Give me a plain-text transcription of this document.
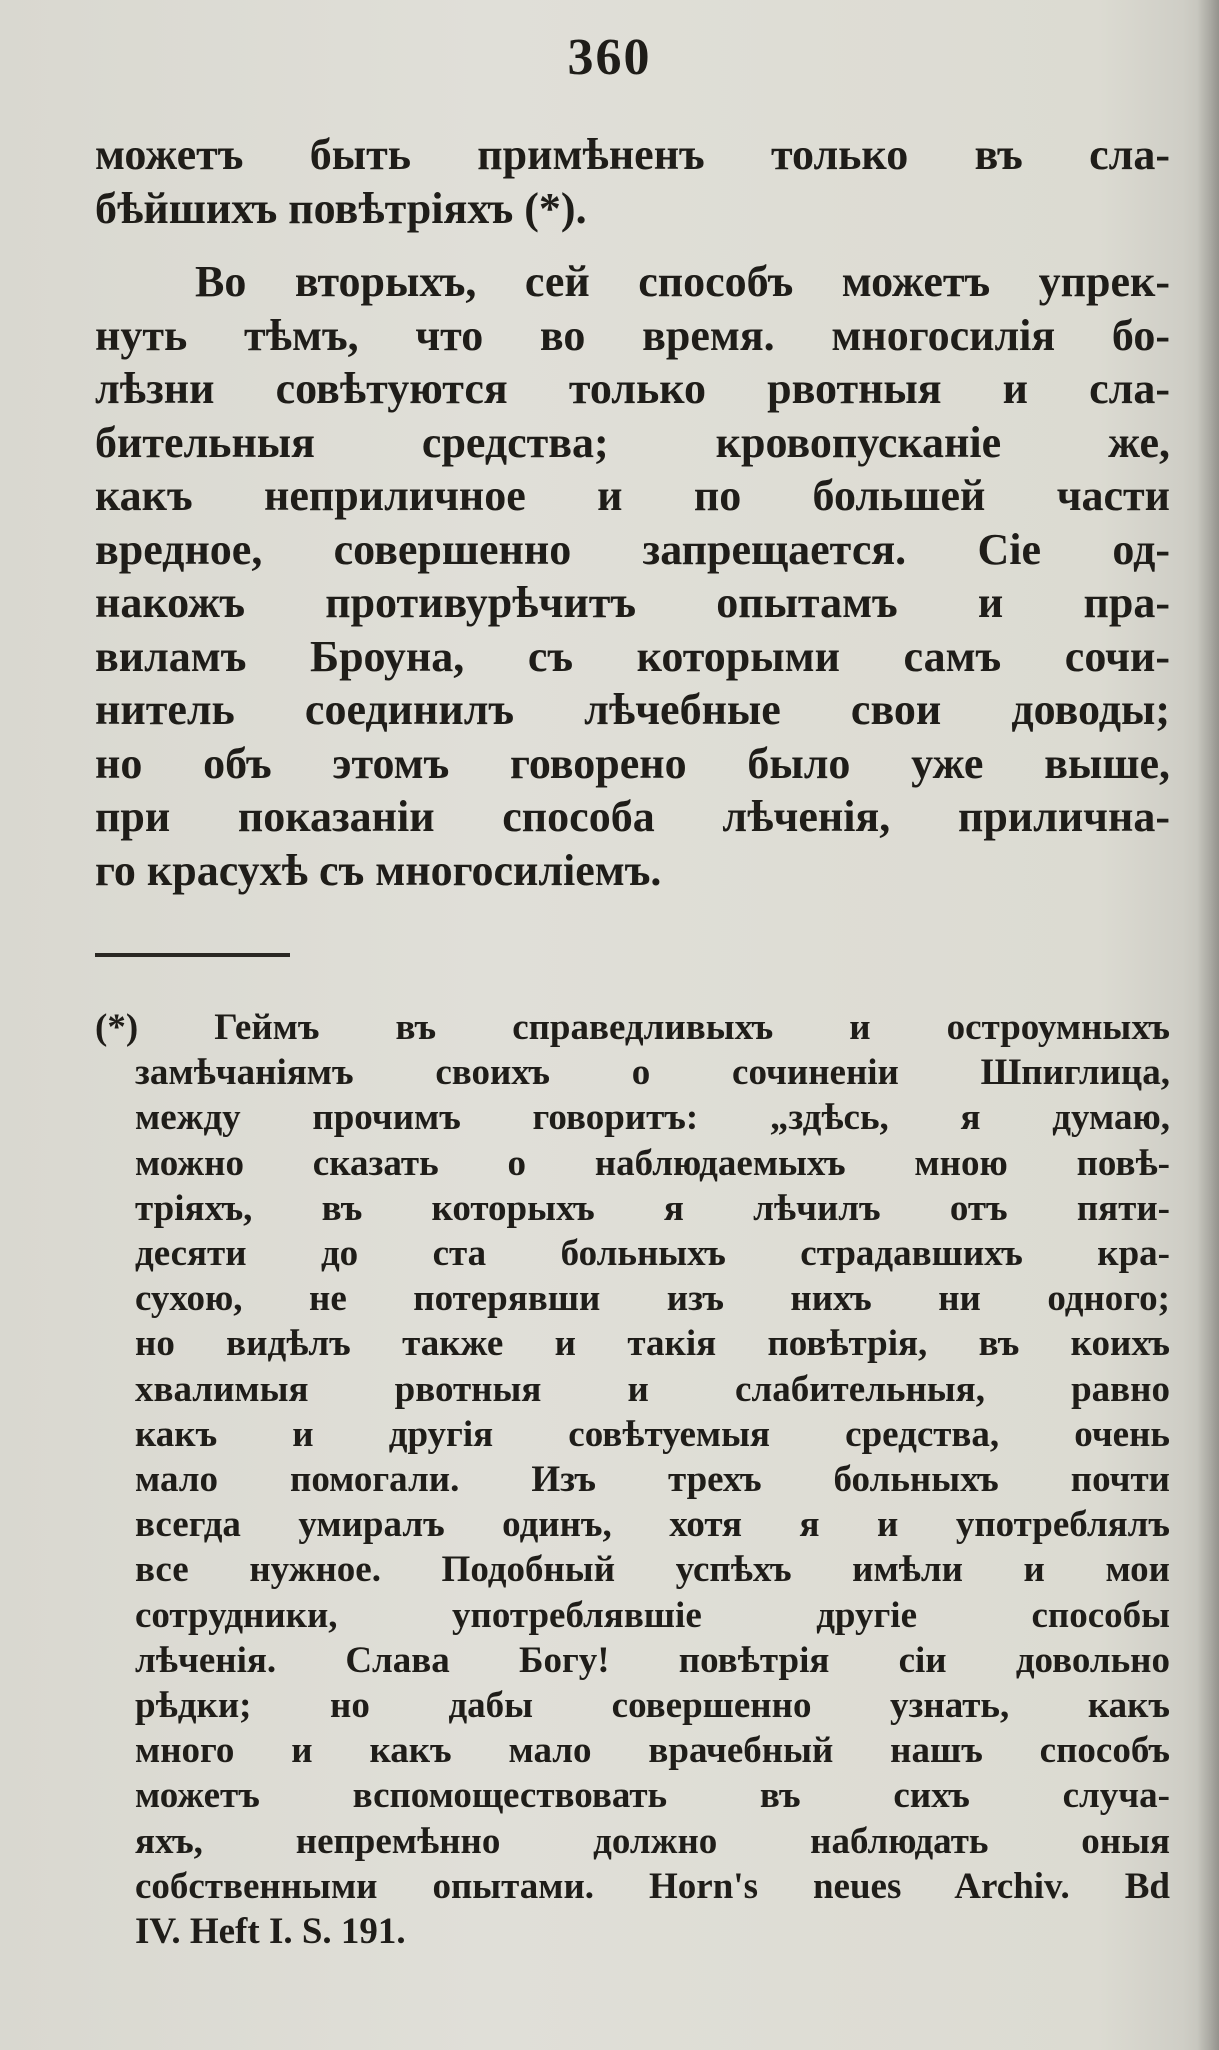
360

можетъ быть примѣненъ только въ сла-

бѣйшихъ повѣтріяхъ (*).

Во вторыхъ, сей способъ можетъ упрек-

нуть тѣмъ, что во время. многосилія бо-

лѣзни совѣтуются только рвотныя и сла-

бительныя средства; кровопусканіе же,

какъ неприличное и по большей части

вредное, совершенно запрещается. Сіе од-

накожъ противурѣчитъ опытамъ и пра-

виламъ Броуна, съ которыми самъ сочи-

нитель соединилъ лѣчебные свои доводы;

но объ этомъ говорено было уже выше,

при показаніи способа лѣченія, прилична-

го красухѣ съ многосиліемъ.

(*) Геймъ въ справедливыхъ и остроумныхъ

замѣчаніямъ своихъ о сочиненіи Шпиглица,

между прочимъ говоритъ: „здѣсь, я думаю,

можно сказать о наблюдаемыхъ мною повѣ-

тріяхъ, въ которыхъ я лѣчилъ отъ пяти-

десяти до ста больныхъ страдавшихъ кра-

сухою, не потерявши изъ нихъ ни одного;

но видѣлъ также и такія повѣтрія, въ коихъ

хвалимыя рвотныя и слабительныя, равно

какъ и другія совѣтуемыя средства, очень

мало помогали. Изъ трехъ больныхъ почти

всегда умиралъ одинъ, хотя я и употреблялъ

все нужное. Подобный успѣхъ имѣли и мои

сотрудники, употреблявшіе другіе способы

лѣченія. Слава Богу! повѣтрія сіи довольно

рѣдки; но дабы совершенно узнать, какъ

много и какъ мало врачебный нашъ способъ

можетъ вспомоществовать въ сихъ случа-

яхъ, непремѣнно должно наблюдать оныя

собственными опытами. Horn's neues Archiv. Bd

IV. Heft I. S. 191.
